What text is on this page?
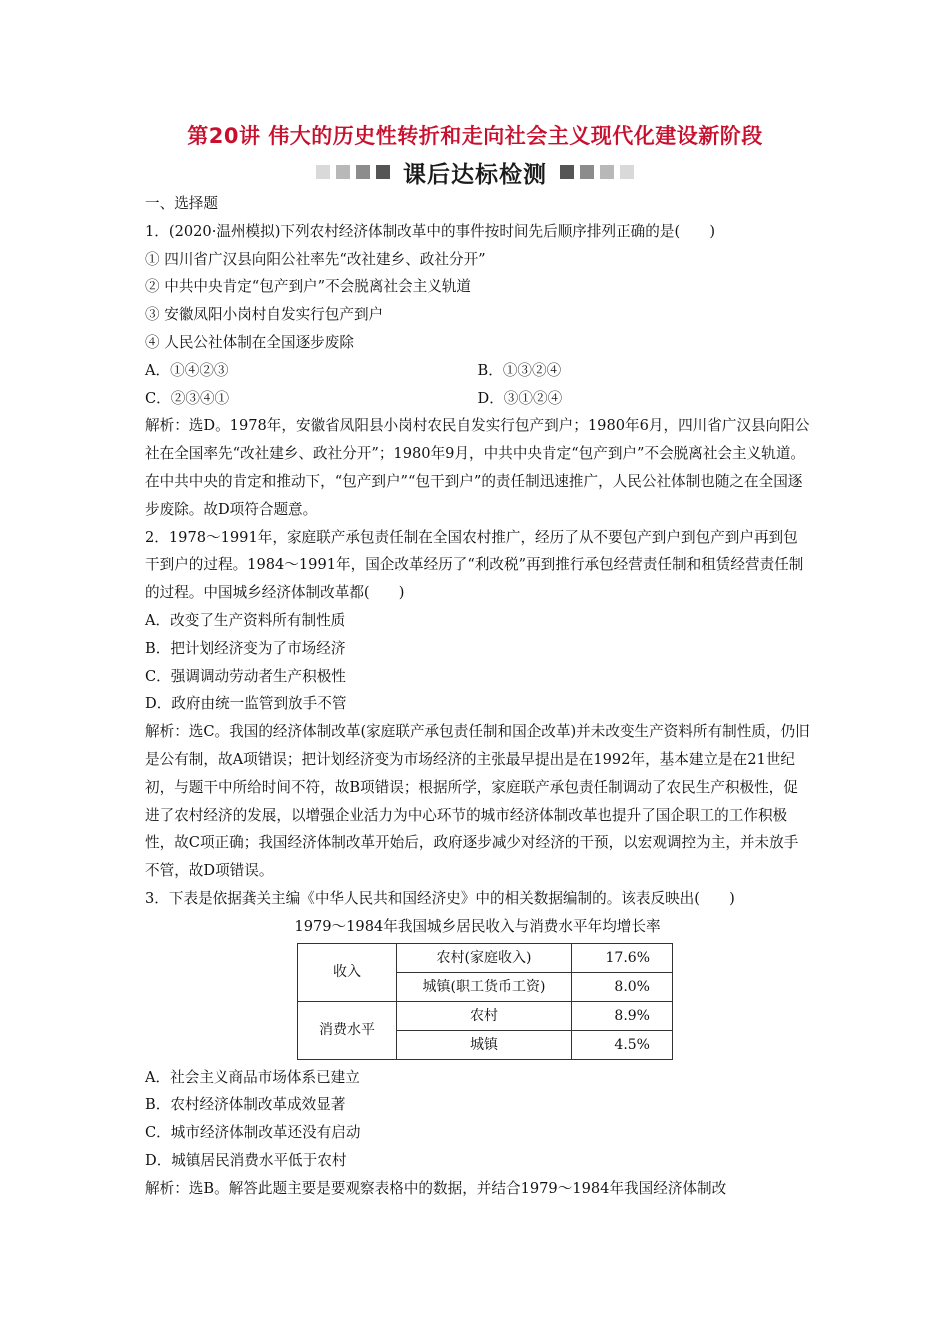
第20讲 伟大的历史性转折和走向社会主义现代化建设新阶段
课后达标检测

一、选择题

1．(2020·温州模拟)下列农村经济体制改革中的事件按时间先后顺序排列正确的是(　　)

① 四川省广汉县向阳公社率先“改社建乡、政社分开”

② 中共中央肯定“包产到户”不会脱离社会主义轨道

③ 安徽凤阳小岗村自发实行包产到户

④ 人民公社体制在全国逐步废除

A．①④②③	B．①③②④
C．②③④①	D．③①②④

解析：选D。1978年，安徽省凤阳县小岗村农民自发实行包产到户；1980年6月，四川省广汉县向阳公社在全国率先“改社建乡、政社分开”；1980年9月，中共中央肯定“包产到户”不会脱离社会主义轨道。在中共中央的肯定和推动下，“包产到户”“包干到户”的责任制迅速推广，人民公社体制也随之在全国逐步废除。故D项符合题意。

2．1978～1991年，家庭联产承包责任制在全国农村推广，经历了从不要包产到户到包产到户再到包干到户的过程。1984～1991年，国企改革经历了“利改税”再到推行承包经营责任制和租赁经营责任制的过程。中国城乡经济体制改革都(　　)

A．改变了生产资料所有制性质

B．把计划经济变为了市场经济

C．强调调动劳动者生产积极性

D．政府由统一监管到放手不管

解析：选C。我国的经济体制改革(家庭联产承包责任制和国企改革)并未改变生产资料所有制性质，仍旧是公有制，故A项错误；把计划经济变为市场经济的主张最早提出是在1992年，基本建立是在21世纪初，与题干中所给时间不符，故B项错误；根据所学，家庭联产承包责任制调动了农民生产积极性，促进了农村经济的发展，以增强企业活力为中心环节的城市经济体制改革也提升了国企职工的工作积极性，故C项正确；我国经济体制改革开始后，政府逐步减少对经济的干预，以宏观调控为主，并未放手不管，故D项错误。

3．下表是依据龚关主编《中华人民共和国经济史》中的相关数据编制的。该表反映出(　　)

1979～1984年我国城乡居民收入与消费水平年均增长率

收入	农村(家庭收入)	17.6%
	城镇(职工货币工资)	8.0%
消费水平	农村	8.9%
	城镇	4.5%

A．社会主义商品市场体系已建立

B．农村经济体制改革成效显著

C．城市经济体制改革还没有启动

D．城镇居民消费水平低于农村

解析：选B。解答此题主要是要观察表格中的数据，并结合1979～1984年我国经济体制改
